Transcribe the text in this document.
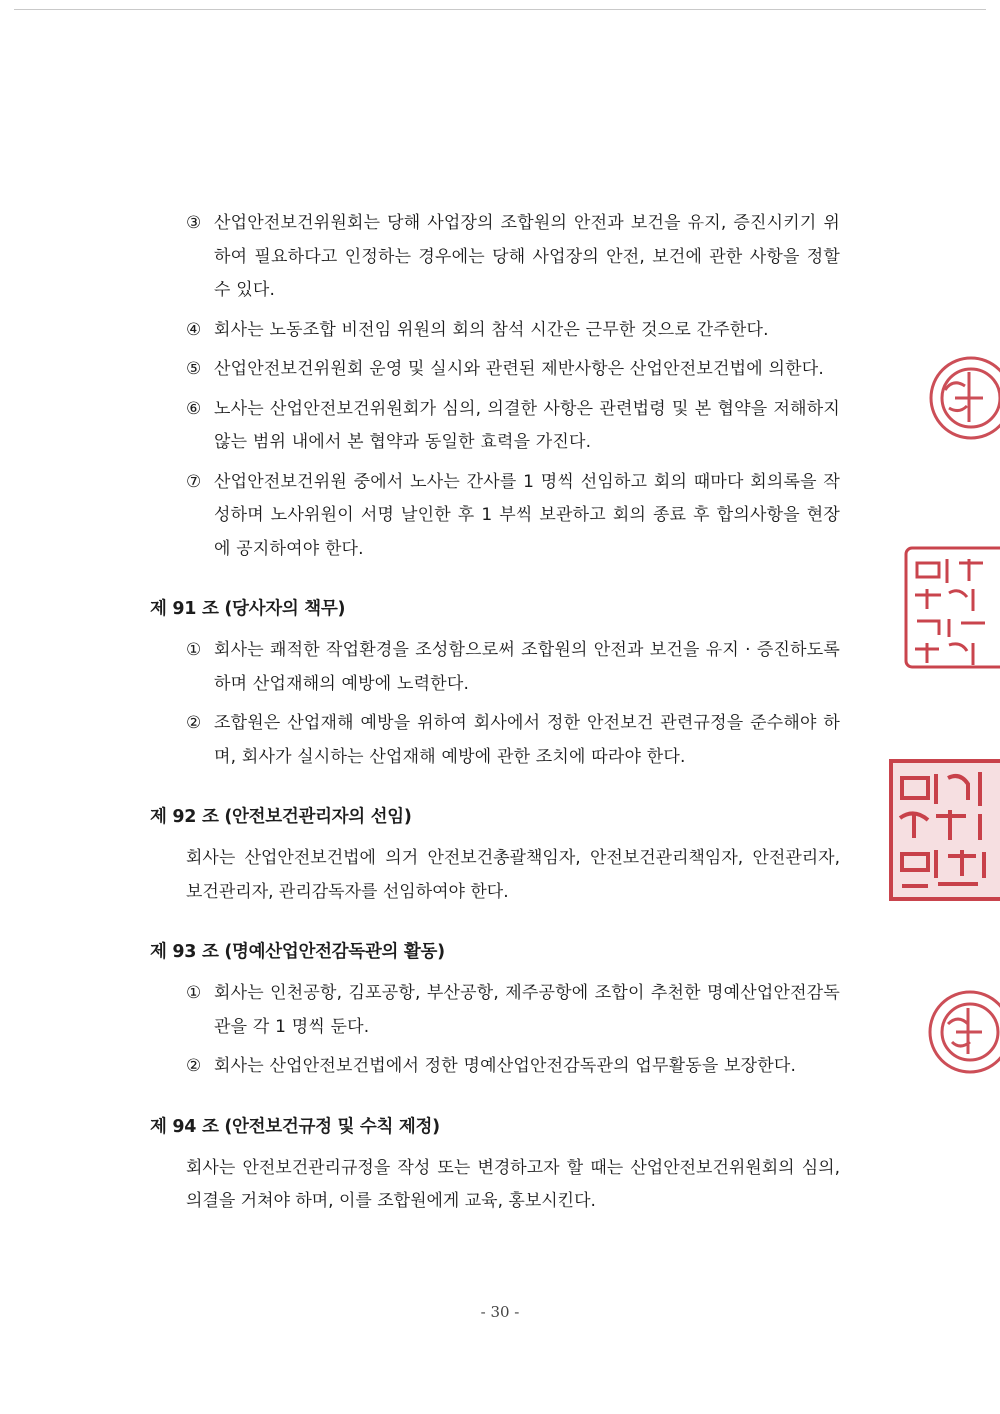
③ 산업안전보건위원회는 당해 사업장의 조합원의 안전과 보건을 유지, 증진시키기 위하여 필요하다고 인정하는 경우에는 당해 사업장의 안전, 보건에 관한 사항을 정할 수 있다.
④ 회사는 노동조합 비전임 위원의 회의 참석 시간은 근무한 것으로 간주한다.
⑤ 산업안전보건위원회 운영 및 실시와 관련된 제반사항은 산업안전보건법에 의한다.
⑥ 노사는 산업안전보건위원회가 심의, 의결한 사항은 관련법령 및 본 협약을 저해하지 않는 범위 내에서 본 협약과 동일한 효력을 가진다.
⑦ 산업안전보건위원 중에서 노사는 간사를 1 명씩 선임하고 회의 때마다 회의록을 작성하며 노사위원이 서명 날인한 후 1 부씩 보관하고 회의 종료 후 합의사항을 현장에 공지하여야 한다.
제 91 조 (당사자의 책무)
① 회사는 쾌적한 작업환경을 조성함으로써 조합원의 안전과 보건을 유지 · 증진하도록 하며 산업재해의 예방에 노력한다.
② 조합원은 산업재해 예방을 위하여 회사에서 정한 안전보건 관련규정을 준수해야 하며, 회사가 실시하는 산업재해 예방에 관한 조치에 따라야 한다.
제 92 조 (안전보건관리자의 선임)
회사는 산업안전보건법에 의거 안전보건총괄책임자, 안전보건관리책임자, 안전관리자, 보건관리자, 관리감독자를 선임하여야 한다.
제 93 조 (명예산업안전감독관의 활동)
① 회사는 인천공항, 김포공항, 부산공항, 제주공항에 조합이 추천한 명예산업안전감독관을 각 1 명씩 둔다.
② 회사는 산업안전보건법에서 정한 명예산업안전감독관의 업무활동을 보장한다.
제 94 조 (안전보건규정 및 수칙 제정)
회사는 안전보건관리규정을 작성 또는 변경하고자 할 때는 산업안전보건위원회의 심의, 의결을 거쳐야 하며, 이를 조합원에게 교육, 홍보시킨다.
- 30 -
